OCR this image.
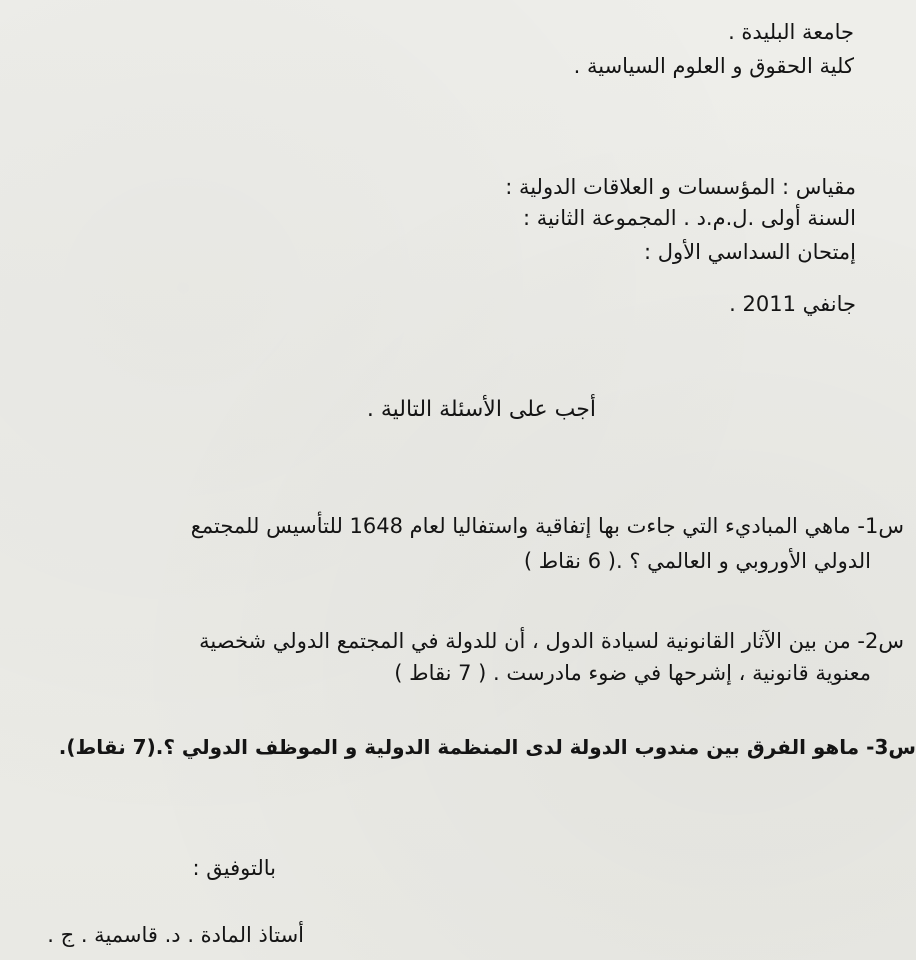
جامعة البليدة .
كلية الحقوق و العلوم السياسية .
مقياس : المؤسسات و العلاقات الدولية :
السنة أولى .ل.م.د . المجموعة الثانية :
إمتحان السداسي الأول :
جانفي 2011 .
أجب على الأسئلة التالية .
س1- ماهي المباديء التي جاءت بها إتفاقية واستفاليا لعام 1648 للتأسيس للمجتمع
الدولي الأوروبي و العالمي ؟ .( 6 نقاط )
س2- من بين الآثار القانونية لسيادة الدول ، أن للدولة في المجتمع الدولي شخصية
معنوية قانونية ، إشرحها في ضوء مادرست . ( 7 نقاط )
س3- ماهو الفرق بين مندوب الدولة لدى المنظمة الدولية و الموظف الدولي ؟.(7 نقاط).
بالتوفيق :
أستاذ المادة . د. قاسمية . ج .
